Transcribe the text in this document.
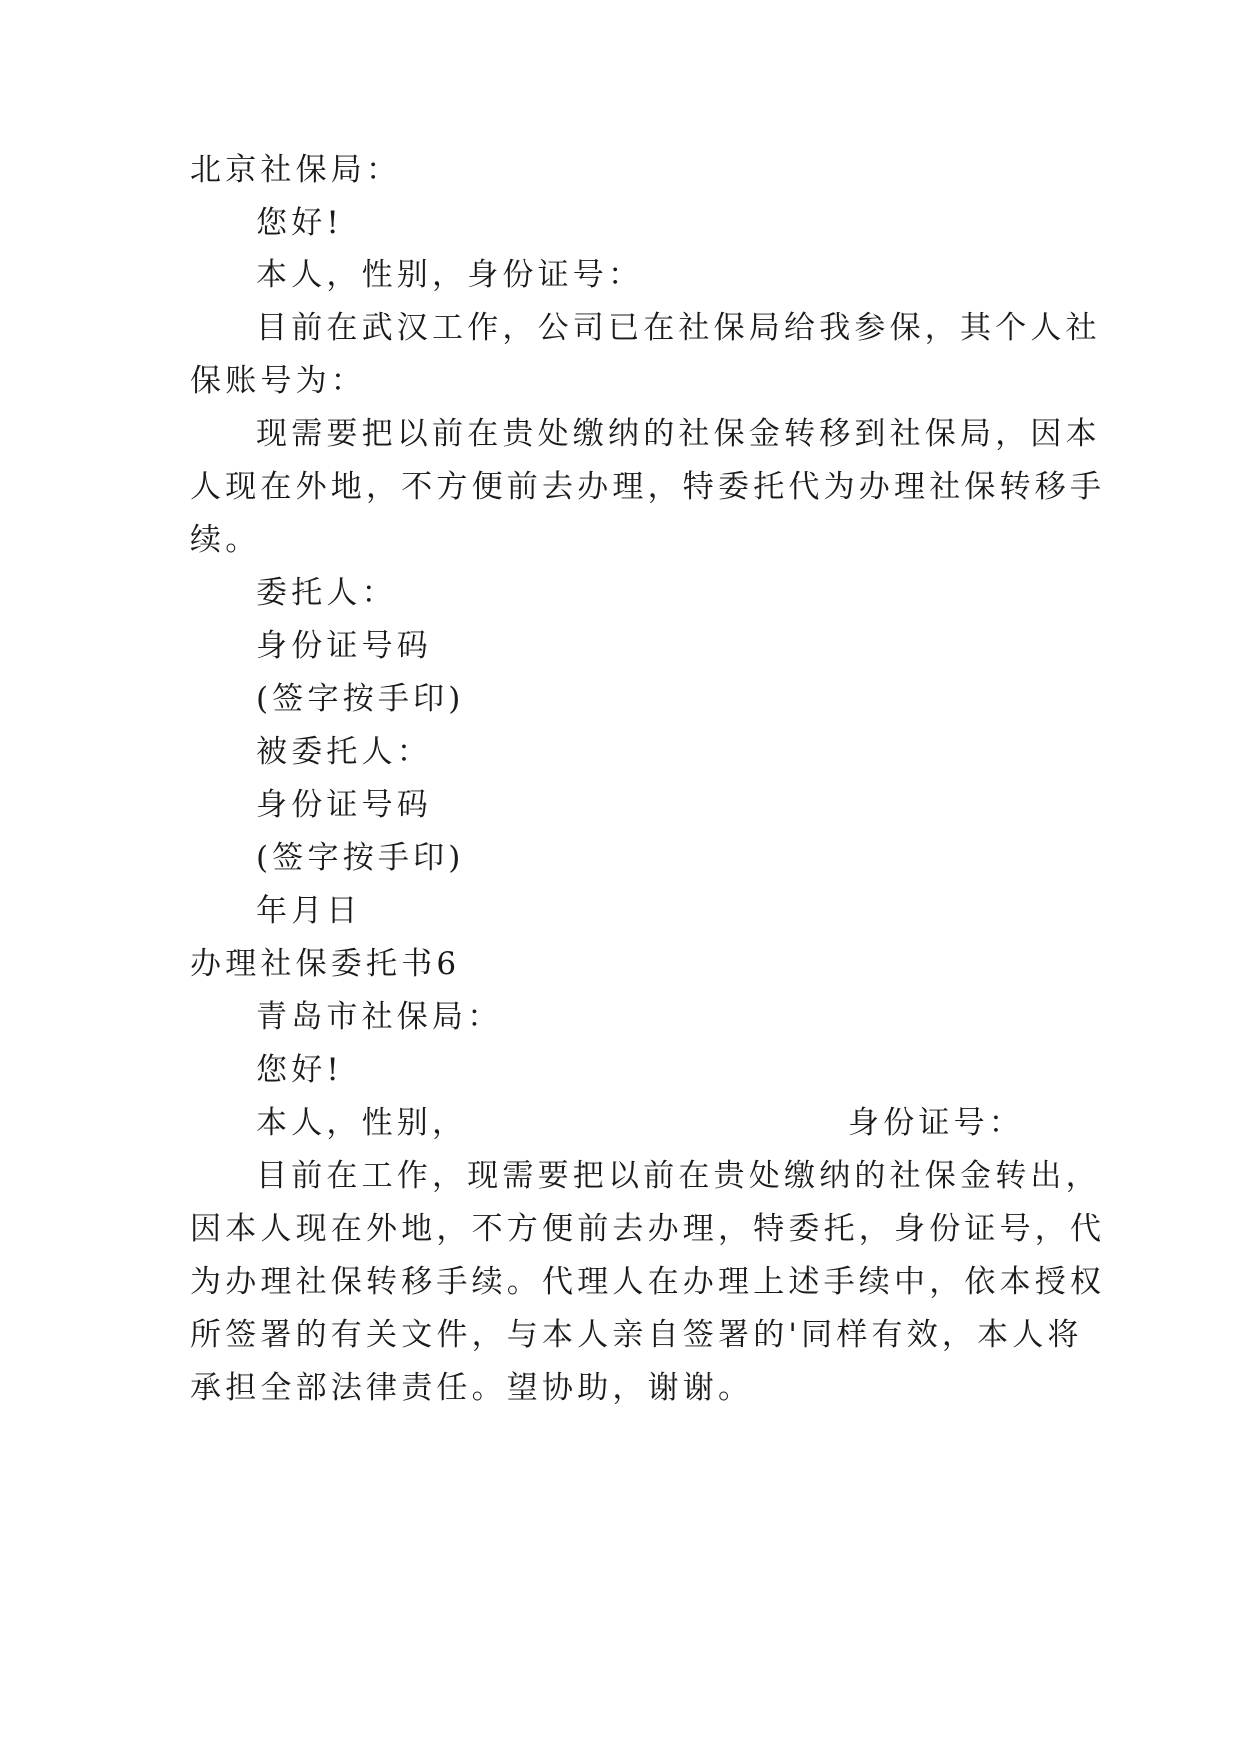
北京社保局：
您好!
本人，性别，身份证号：
目前在武汉工作，公司已在社保局给我参保，其个人社
保账号为：
现需要把以前在贵处缴纳的社保金转移到社保局，因本
人现在外地，不方便前去办理，特委托代为办理社保转移手
续。
委托人：
身份证号码
(签字按手印)
被委托人：
身份证号码
(签字按手印)
年月日
办理社保委托书6
青岛市社保局：
您好!
本人，性别，	身份证号：
目前在工作，现需要把以前在贵处缴纳的社保金转出，
因本人现在外地，不方便前去办理，特委托，身份证号，代
为办理社保转移手续。代理人在办理上述手续中，依本授权
所签署的有关文件，与本人亲自签署的'同样有效，本人将
承担全部法律责任。望协助，谢谢。
